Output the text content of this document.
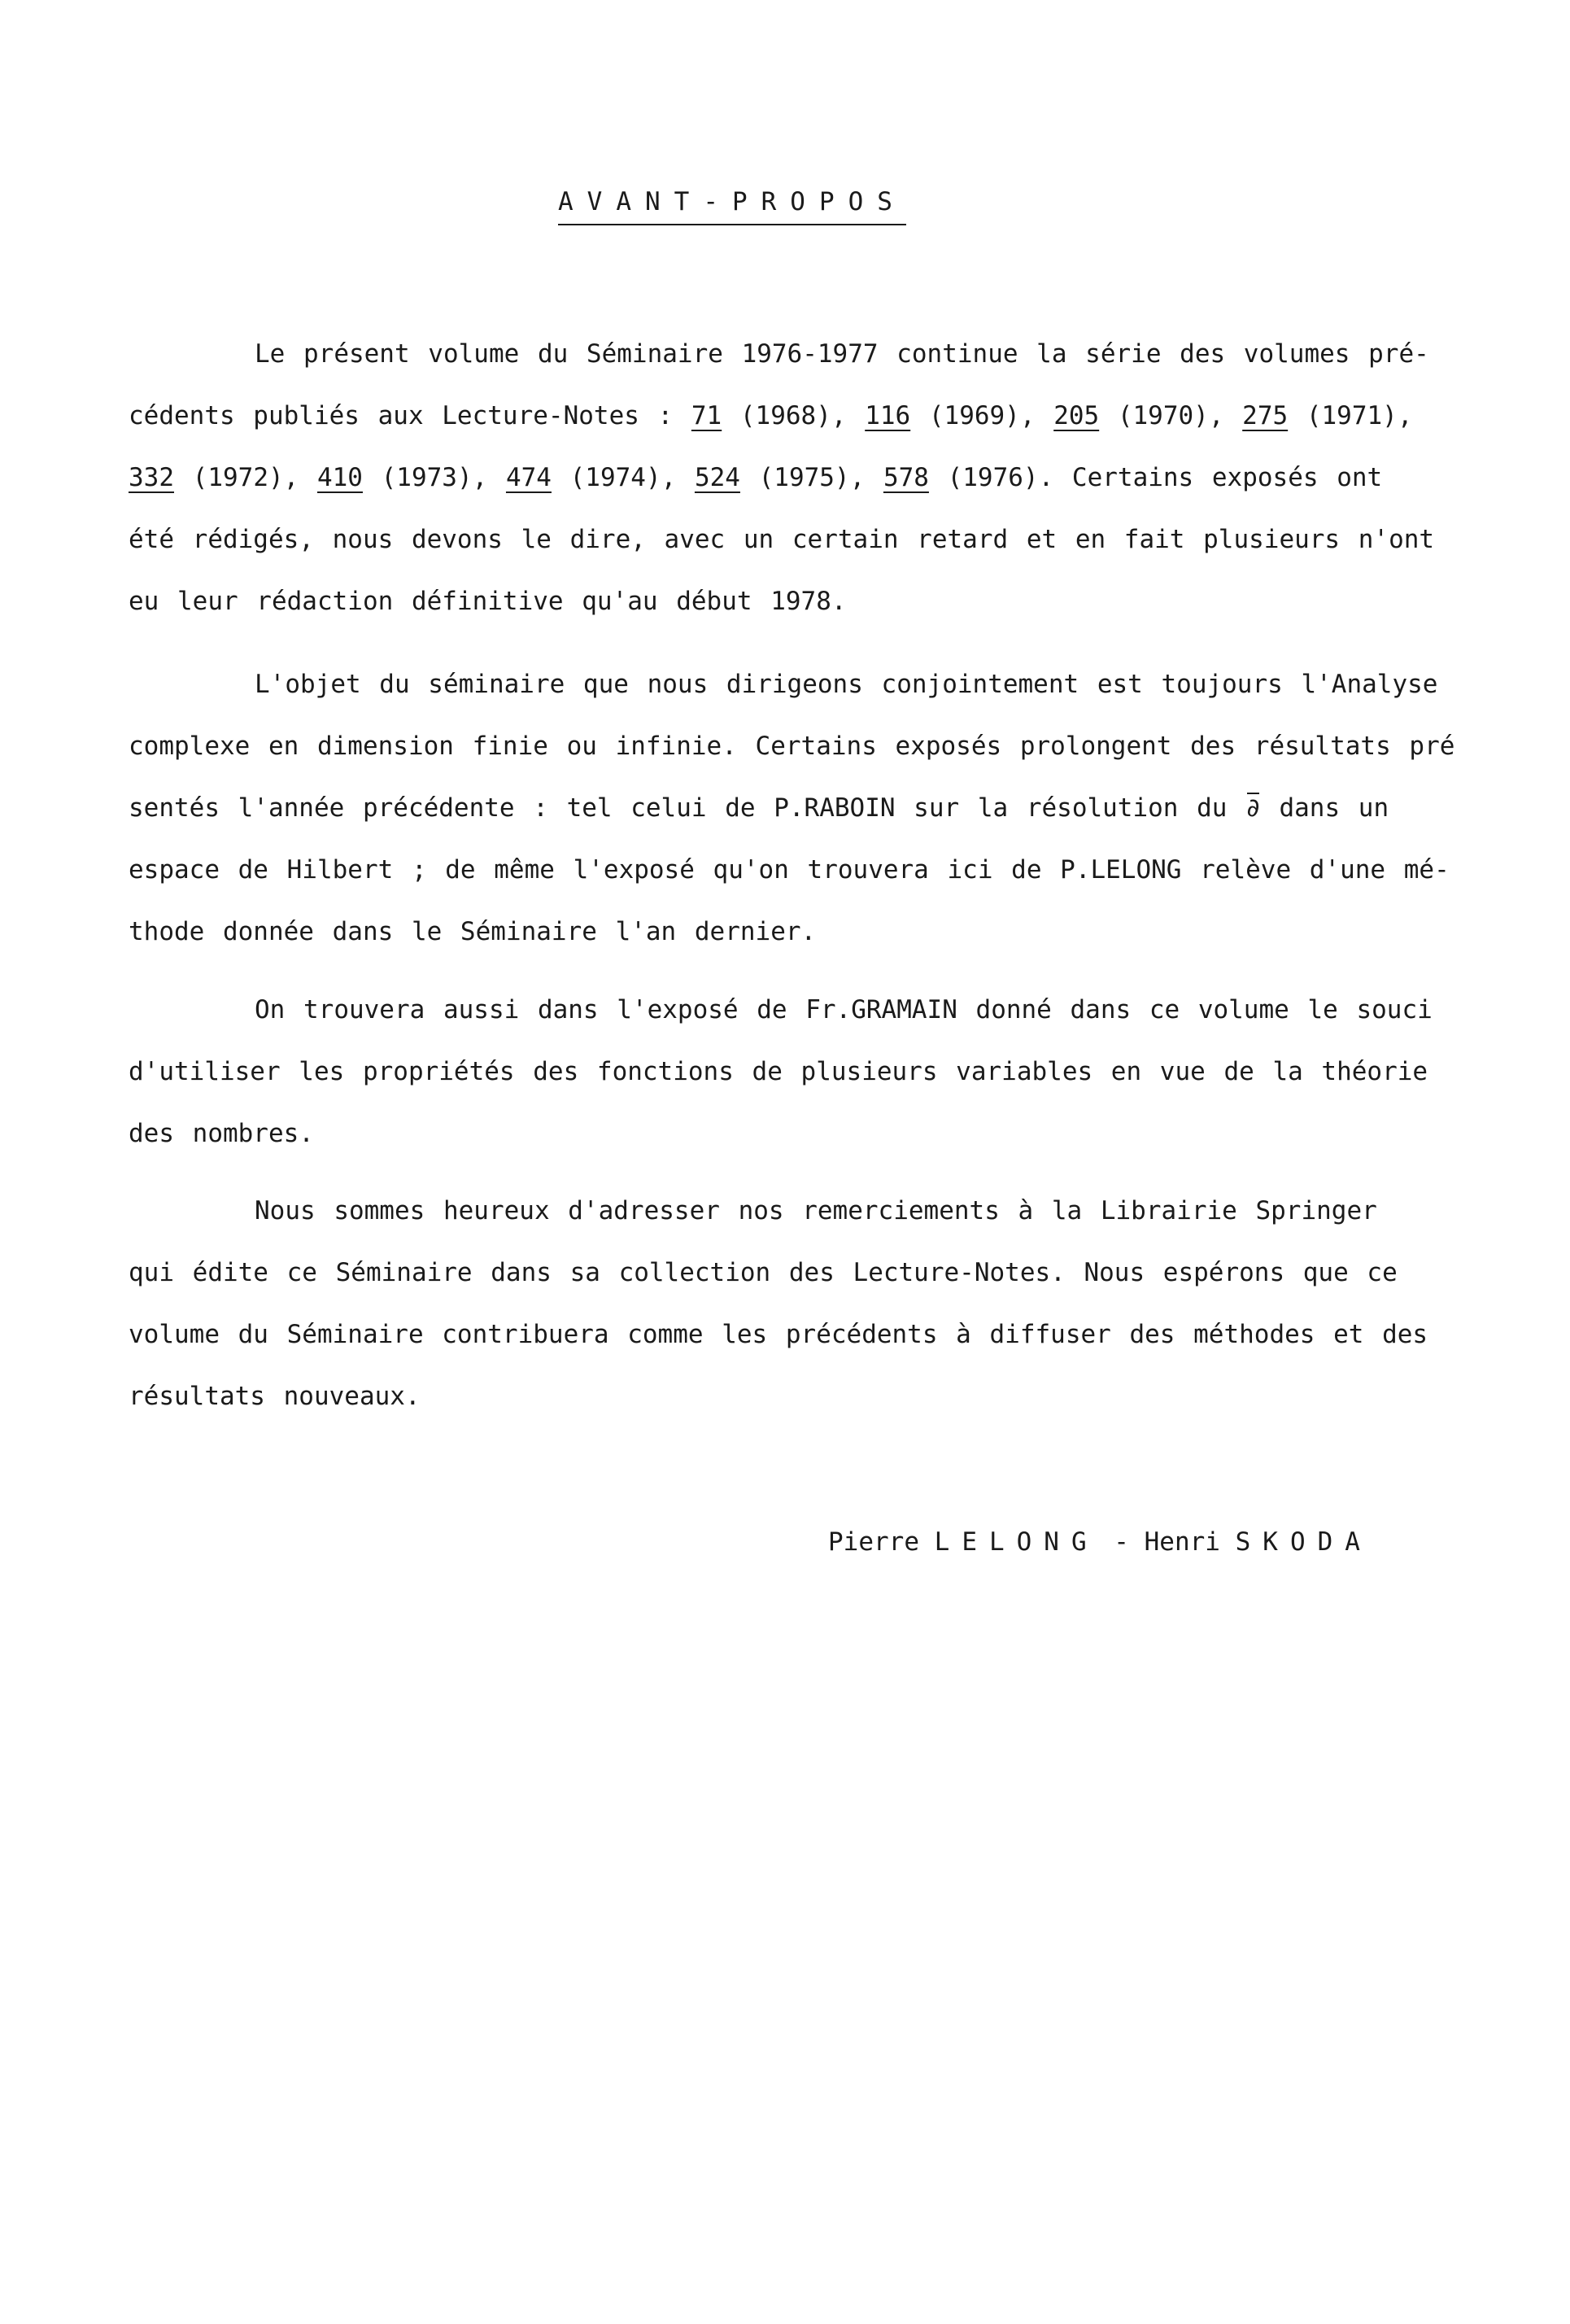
AVANT-PROPOS
Le présent volume du Séminaire 1976-1977 continue la série des volumes pré-
cédents publiés aux Lecture-Notes : 71 (1968), 116 (1969), 205 (1970), 275 (1971),
332 (1972), 410 (1973), 474 (1974), 524 (1975), 578 (1976). Certains exposés ont
été rédigés, nous devons le dire, avec un certain retard et en fait plusieurs n'ont
eu leur rédaction définitive qu'au début 1978.
L'objet du séminaire que nous dirigeons conjointement est toujours l'Analyse
complexe en dimension finie ou infinie. Certains exposés prolongent des résultats pré
sentés l'année précédente : tel celui de P.RABOIN sur la résolution du ∂ dans un
espace de Hilbert ; de même l'exposé qu'on trouvera ici de P.LELONG relève d'une mé-
thode donnée dans le Séminaire l'an dernier.
On trouvera aussi dans l'exposé de Fr.GRAMAIN donné dans ce volume le souci
d'utiliser les propriétés des fonctions de plusieurs variables en vue de la théorie
des nombres.
Nous sommes heureux d'adresser nos remerciements à la Librairie Springer
qui édite ce Séminaire dans sa collection des Lecture-Notes. Nous espérons que ce
volume du Séminaire contribuera comme les précédents à diffuser des méthodes et des
résultats nouveaux.
Pierre LELONG - Henri SKODA
